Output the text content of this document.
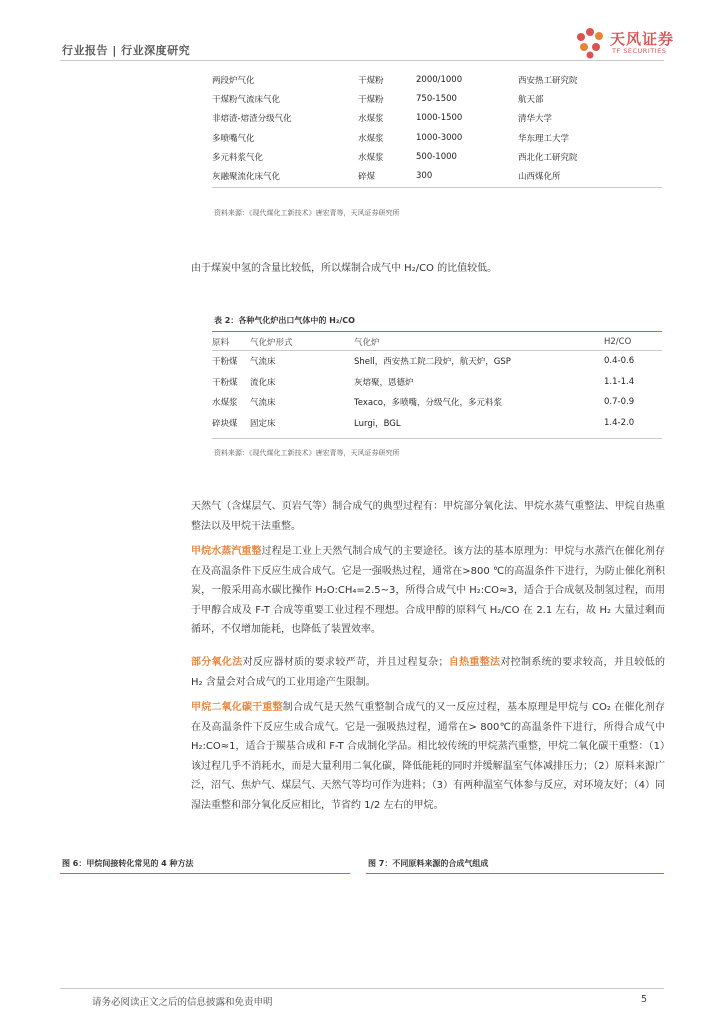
行业报告 | 行业深度研究
天风证券
TF SECURITIES
两段炉气化	干煤粉	2000/1000	西安热工研究院
干煤粉气流床气化	干煤粉	750-1500	航天部
非熔渣-熔渣分级气化	水煤浆	1000-1500	清华大学
多喷嘴气化	水煤浆	1000-3000	华东理工大学
多元料浆气化	水煤浆	500-1000	西北化工研究院
灰融聚流化床气化	碎煤	300	山西煤化所
资料来源：《现代煤化工新技术》唐宏青等，天风证券研究所
由于煤炭中氢的含量比较低，所以煤制合成气中 H₂/CO 的比值较低。
表 2：各种气化炉出口气体中的 H₂/CO
原料	气化炉形式	气化炉	H2/CO
干粉煤	气流床	Shell，西安热工院二段炉，航天炉，GSP	0.4-0.6
干粉煤	流化床	灰熔聚，恩德炉	1.1-1.4
水煤浆	气流床	Texaco，多喷嘴，分级气化，多元料浆	0.7-0.9
碎块煤	固定床	Lurgi，BGL	1.4-2.0
资料来源：《现代煤化工新技术》唐宏青等，天风证券研究所
天然气（含煤层气、页岩气等）制合成气的典型过程有：甲烷部分氧化法、甲烷水蒸气重整法、甲烷自热重整法以及甲烷干法重整。
甲烷水蒸汽重整过程是工业上天然气制合成气的主要途径。该方法的基本原理为：甲烷与水蒸汽在催化剂存在及高温条件下反应生成合成气。它是一强吸热过程，通常在>800 ℃的高温条件下进行，为防止催化剂积炭，一般采用高水碳比操作 H₂O:CH₄=2.5~3，所得合成气中 H₂:CO≈3，适合于合成氨及制氢过程，而用于甲醇合成及 F-T 合成等重要工业过程不理想。合成甲醇的原料气 H₂/CO 在 2.1 左右，故 H₂ 大量过剩而循环，不仅增加能耗，也降低了装置效率。
部分氧化法对反应器材质的要求较严苛，并且过程复杂；自热重整法对控制系统的要求较高，并且较低的 H₂ 含量会对合成气的工业用途产生限制。
甲烷二氧化碳干重整制合成气是天然气重整制合成气的又一反应过程，基本原理是甲烷与 CO₂ 在催化剂存在及高温条件下反应生成合成气。它是一强吸热过程，通常在> 800℃的高温条件下进行，所得合成气中 H₂:CO≈1，适合于羰基合成和 F-T 合成制化学品。相比较传统的甲烷蒸汽重整，甲烷二氧化碳干重整：（1）该过程几乎不消耗水，而是大量利用二氧化碳，降低能耗的同时并缓解温室气体减排压力；（2）原料来源广泛，沼气、焦炉气、煤层气、天然气等均可作为进料；（3）有两种温室气体参与反应，对环境友好；（4）同湿法重整和部分氧化反应相比，节省约 1/2 左右的甲烷。
图 6：甲烷间接转化常见的 4 种方法	图 7：不同原料来源的合成气组成
请务必阅读正文之后的信息披露和免责申明	5
